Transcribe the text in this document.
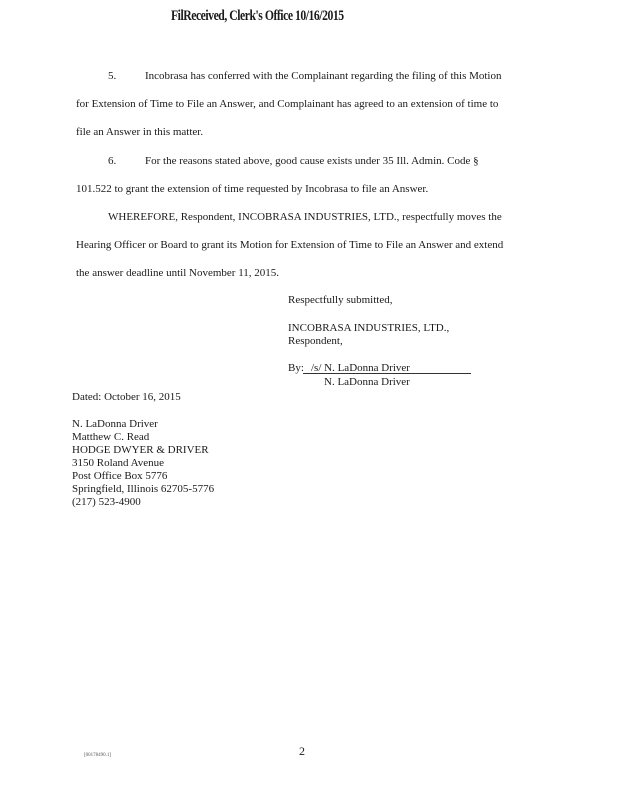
FilReceived, Clerk's Office 10/16/2015
5.	Incobrasa has conferred with the Complainant regarding the filing of this Motion
for Extension of Time to File an Answer, and Complainant has agreed to an extension of time to
file an Answer in this matter.
6.	For the reasons stated above, good cause exists under 35 Ill. Admin. Code §
101.522 to grant the extension of time requested by Incobrasa to file an Answer.
WHEREFORE, Respondent, INCOBRASA INDUSTRIES, LTD., respectfully moves the
Hearing Officer or Board to grant its Motion for Extension of Time to File an Answer and extend
the answer deadline until November 11, 2015.
Respectfully submitted,
INCOBRASA INDUSTRIES, LTD.,
Respondent,
By: /s/ N. LaDonna Driver
N. LaDonna Driver
Dated: October 16, 2015
N. LaDonna Driver
Matthew C. Read
HODGE DWYER & DRIVER
3150 Roland Avenue
Post Office Box 5776
Springfield, Illinois 62705-5776
(217) 523-4900
[00178490.1]	2
